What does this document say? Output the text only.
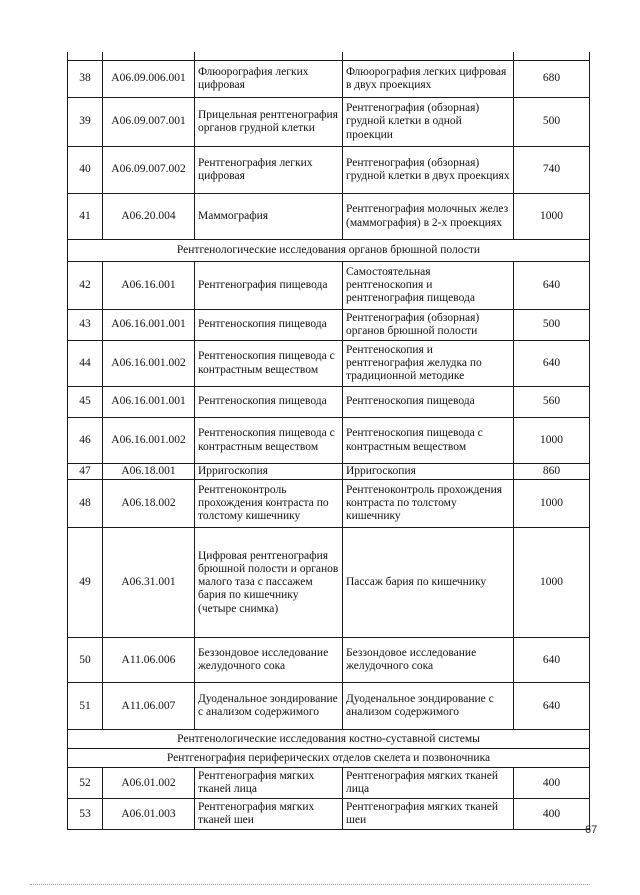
38	A06.09.006.001	Флюорография легких цифровая	Флюорография легких цифровая в двух проекциях	680
39	A06.09.007.001	Прицельная рентгенография органов грудной клетки	Рентгенография (обзорная) грудной клетки в одной проекции	500
40	A06.09.007.002	Рентгенография легких цифровая	Рентгенография (обзорная) грудной клетки в двух проекциях	740
41	A06.20.004	Маммография	Рентгенография молочных желез (маммография) в 2-х проекциях	1000
Рентгенологические исследования органов брюшной полости				
42	A06.16.001	Рентгенография пищевода	Самостоятельная рентгеноскопия и рентгенография пищевода	640
43	A06.16.001.001	Рентгеноскопия пищевода	Рентгенография (обзорная) органов брюшной полости	500
44	A06.16.001.002	Рентгеноскопия пищевода с контрастным веществом	Рентгеноскопия и рентгенография желудка по традиционной методике	640
45	A06.16.001.001	Рентгеноскопия пищевода	Рентгеноскопия пищевода	560
46	A06.16.001.002	Рентгеноскопия пищевода с контрастным веществом	Рентгеноскопия пищевода с контрастным веществом	1000
47	A06.18.001	Ирригоскопия	Ирригоскопия	860
48	A06.18.002	Рентгеноконтроль прохождения контраста по толстому кишечнику	Рентгеноконтроль прохождения контраста по толстому кишечнику	1000
49	A06.31.001	Цифровая рентгенография брюшной полости и органов малого таза с пассажем бария по кишечнику (четыре снимка)	Пассаж бария по кишечнику	1000
50	A11.06.006	Беззондовое исследование желудочного сока	Беззондовое исследование желудочного сока	640
51	A11.06.007	Дуоденальное зондирование с анализом содержимого	Дуоденальное зондирование с анализом содержимого	640
Рентгенологические исследования костно-суставной системы				
Рентгенография периферических отделов скелета и позвоночника				
52	A06.01.002	Рентгенография мягких тканей лица	Рентгенография мягких тканей лица	400
53	A06.01.003	Рентгенография мягких тканей шеи	Рентгенография мягких тканей шеи	400
67
